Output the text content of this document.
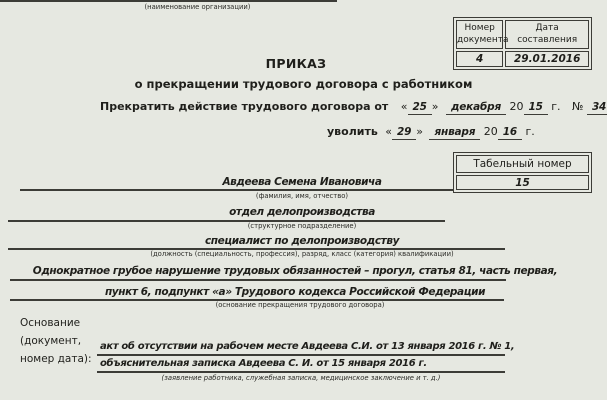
(наименование организации)
Номер документа	Дата составления
4	29.01.2016
ПРИКАЗ
о прекращении трудового договора с работником
Прекратить действие трудового договора от « 25 » декабря 20 15 г. № 34
уволить « 29 » января 20 16 г.
Табельный номер
15
Авдеева Семена Ивановича
(фамилия, имя, отчество)
отдел делопроизводства
(структурное подразделение)
специалист по делопроизводству
(должность (специальность, профессия), разряд, класс (категория) квалификации)
Однократное грубое нарушение трудовых обязанностей – прогул, статья 81, часть первая,
пункт 6, подпункт «а» Трудового кодекса Российской Федерации
(основание прекращения трудового договора)
Основание
(документ,
номер дата):
акт об отсутствии на рабочем месте Авдеева С.И. от 13 января 2016 г. № 1,
объяснительная записка Авдеева С. И. от 15 января 2016 г.
(заявление работника, служебная записка, медицинское заключение и т. д.)
